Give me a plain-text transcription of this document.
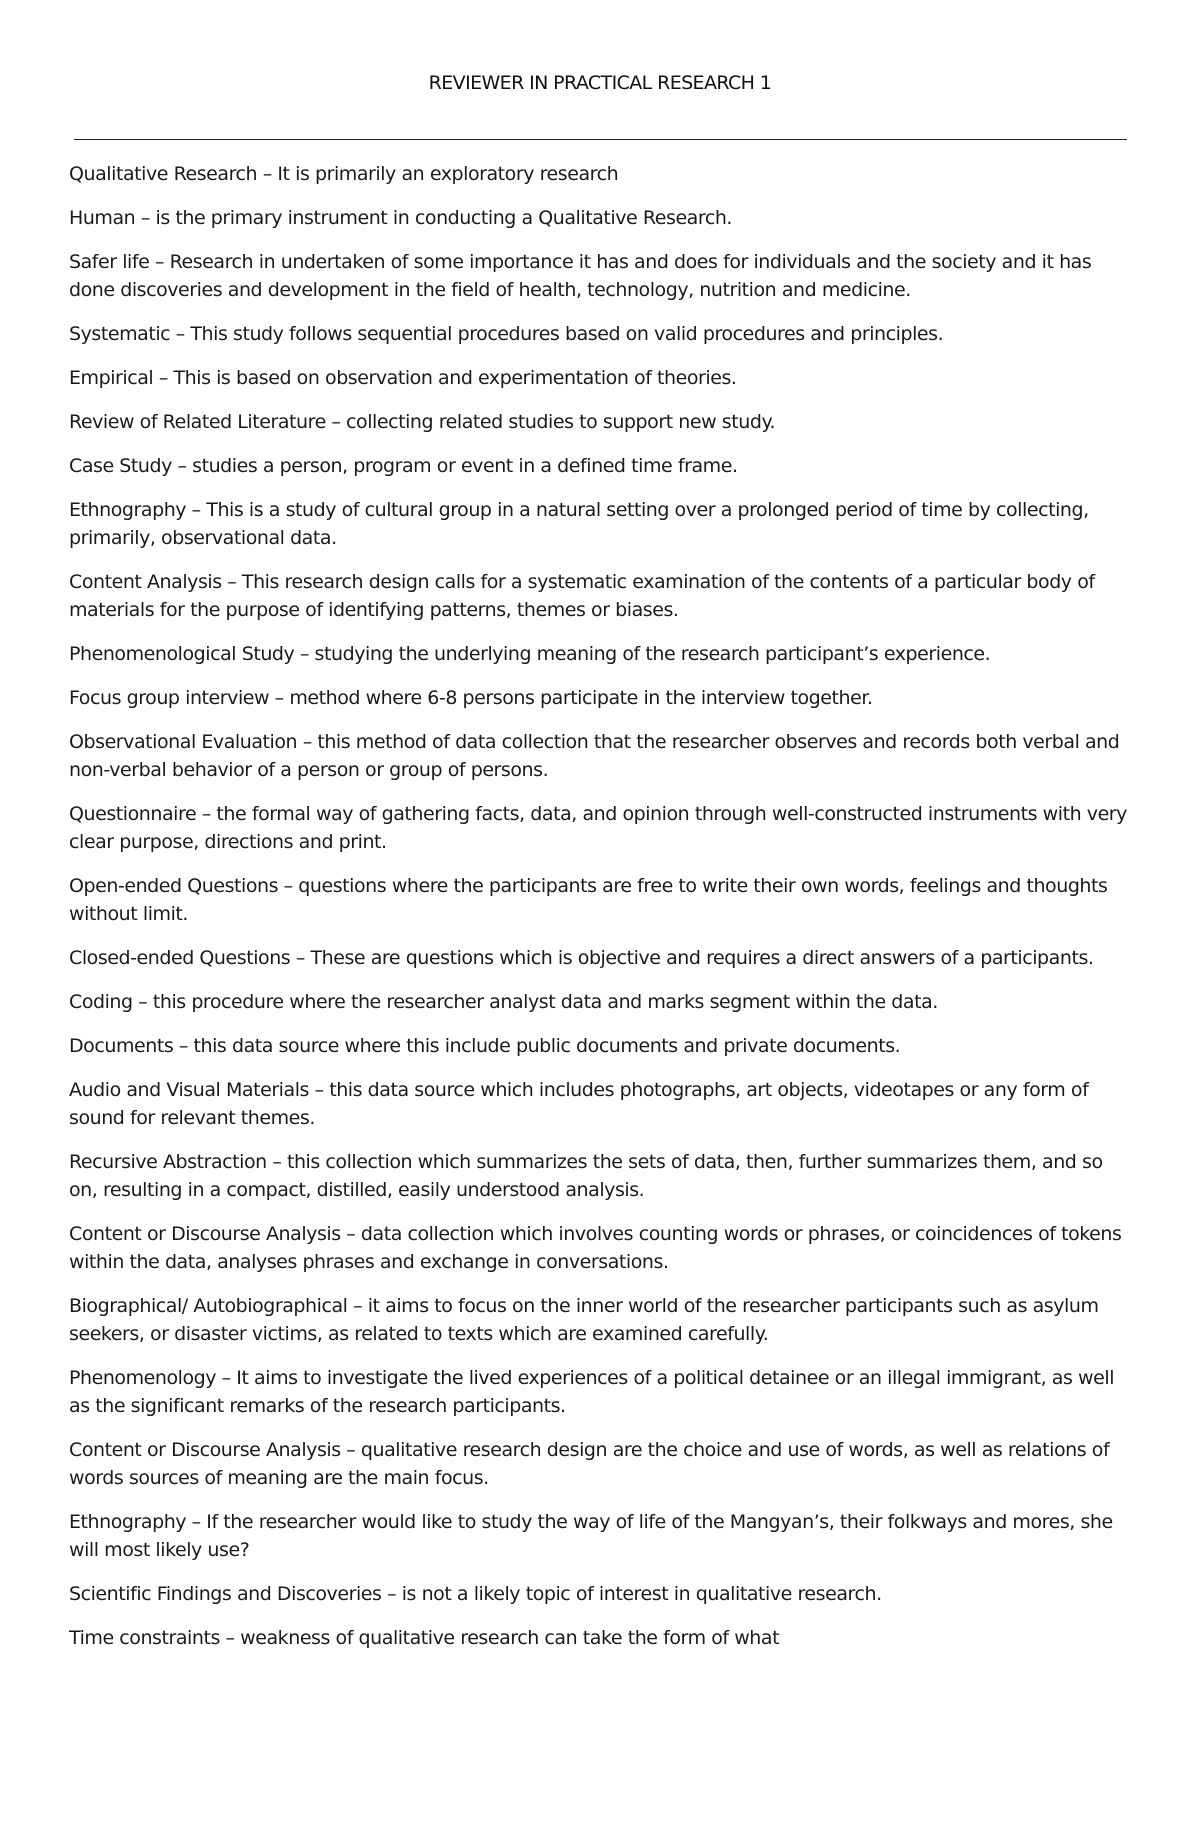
REVIEWER IN PRACTICAL RESEARCH 1
Qualitative Research – It is primarily an exploratory research
Human – is the primary instrument in conducting a Qualitative Research.
Safer life – Research in undertaken of some importance it has and does for individuals and the society and it has done discoveries and development in the field of health, technology, nutrition and medicine.
Systematic – This study follows sequential procedures based on valid procedures and principles.
Empirical – This is based on observation and experimentation of theories.
Review of Related Literature – collecting related studies to support new study.
Case Study – studies a person, program or event in a defined time frame.
Ethnography – This is a study of cultural group in a natural setting over a prolonged period of time by collecting, primarily, observational data.
Content Analysis – This research design calls for a systematic examination of the contents of a particular body of materials for the purpose of identifying patterns, themes or biases.
Phenomenological Study – studying the underlying meaning of the research participant’s experience.
Focus group interview – method where 6-8 persons participate in the interview together.
Observational Evaluation – this method of data collection that the researcher observes and records both verbal and non-verbal behavior of a person or group of persons.
Questionnaire – the formal way of gathering facts, data, and opinion through well-constructed instruments with very clear purpose, directions and print.
Open-ended Questions – questions where the participants are free to write their own words, feelings and thoughts without limit.
Closed-ended Questions – These are questions which is objective and requires a direct answers of a participants.
Coding – this procedure where the researcher analyst data and marks segment within the data.
Documents – this data source where this include public documents and private documents.
Audio and Visual Materials – this data source which includes photographs, art objects, videotapes or any form of sound for relevant themes.
Recursive Abstraction – this collection which summarizes the sets of data, then, further summarizes them, and so on, resulting in a compact, distilled, easily understood analysis.
Content or Discourse Analysis – data collection which involves counting words or phrases, or coincidences of tokens within the data, analyses phrases and exchange in conversations.
Biographical/ Autobiographical – it aims to focus on the inner world of the researcher participants such as asylum seekers, or disaster victims, as related to texts which are examined carefully.
Phenomenology – It aims to investigate the lived experiences of a political detainee or an illegal immigrant, as well as the significant remarks of the research participants.
Content or Discourse Analysis – qualitative research design are the choice and use of words, as well as relations of words sources of meaning are the main focus.
Ethnography – If the researcher would like to study the way of life of the Mangyan’s, their folkways and mores, she will most likely use?
Scientific Findings and Discoveries – is not a likely topic of interest in qualitative research.
Time constraints – weakness of qualitative research can take the form of what
